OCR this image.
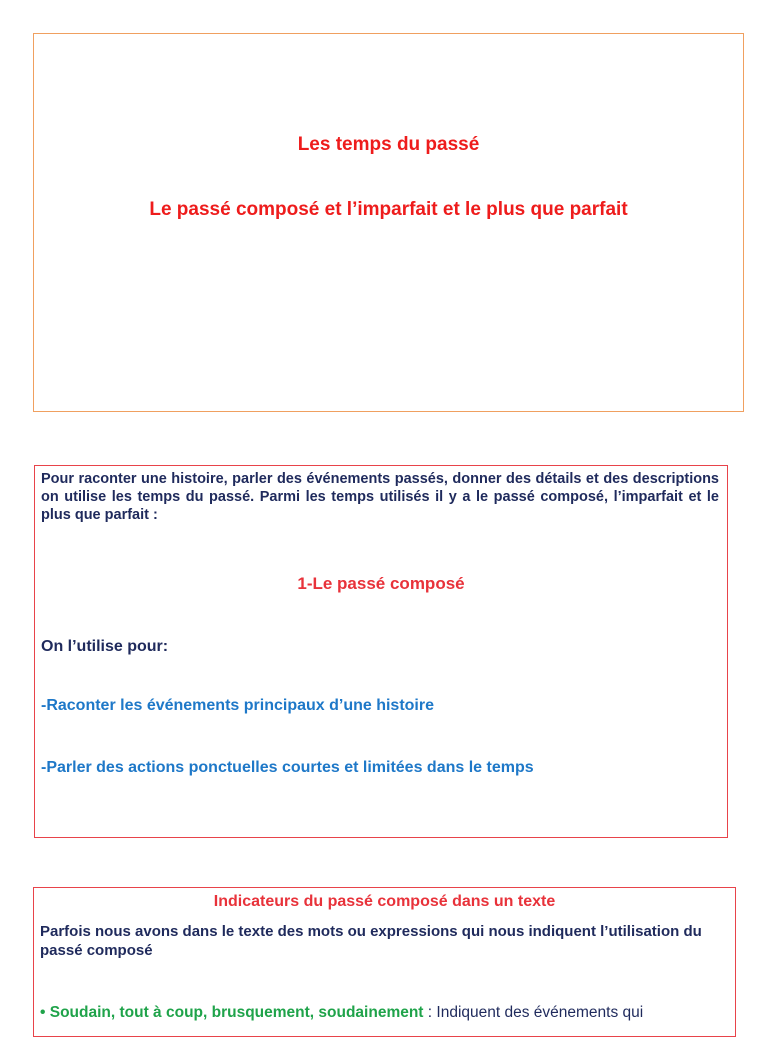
Les temps du passé
Le passé composé et l’imparfait et le plus que parfait
Pour raconter une histoire, parler des événements passés, donner des détails et des descriptions on utilise les temps du passé. Parmi les temps utilisés il y a le passé composé, l’imparfait et le plus que parfait :
1-Le passé composé
On l’utilise pour:
-Raconter les événements principaux d’une histoire
-Parler des actions ponctuelles courtes et limitées dans le temps
Indicateurs du passé composé dans un texte
Parfois nous avons dans le texte des mots ou expressions qui nous indiquent l’utilisation du passé composé
• Soudain, tout à coup, brusquement, soudainement : Indiquent des événements qui
